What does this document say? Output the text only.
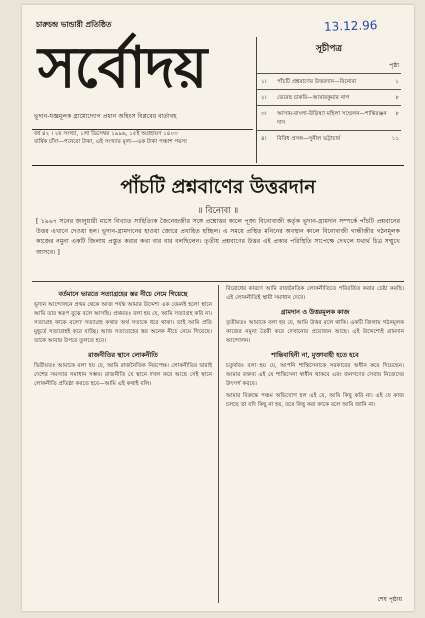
চারুচন্দ্র ভান্ডারী প্রতিষ্ঠিত	13.12.96
সর্বোদয়
ভূদান-যজ্ঞমূলক গ্রামোদ্যোগ প্রধান অহিংস বিপ্লবের বার্তাবহ
বর্ষ ৪২ । ২য় সংখ্যা, ১লা ডিসেম্বর ১৯৯৬, ১৫ই অগ্রহায়ণ ১৪০৩
বার্ষিক চাঁদা—পনেরো টাকা, এই সংখ্যার মূল্য—এক টাকা পঞ্চাশ পয়সা
সূচীপত্র
পৃষ্ঠা
১।	পাঁচটি প্রশ্নবাণের উত্তরদান—বিনোবা	১
২।	ভেবেছ চাকরি—আমারকুমার নাগ	৮
৩।	আসাম-বাংলা-উড়িষ্যা মহিলা সম্মেলন—শান্তিরঞ্জন দাস
৮
৪।	বিবিধ প্রসঙ্গ—সুনীল ভট্টাচার্য	১১
পাঁচটি প্রশ্নবাণের উত্তরদান
॥ বিনোবা ॥
[ ১৯৬৭ সনের জানুয়ারী মাসে বিখ্যাত সাহিত্যিক জৈনেন্দ্রজীর সঙ্গে প্রশ্নোত্তর কালে পূজ্য বিনোবাজী কর্তৃক ভূদান-গ্রামদান সম্পর্কে পাঁচটি প্রশ্নবানের উত্তর এখানে দেওয়া হল। ভূদান-গ্রামদানের হাওয়া জোরে প্রবাহিত হচ্ছিল। এ সময়ে প্রস্থিত মনিনের অবস্থান কালে বিনোবাজী গান্ধীজীর গঠনমূলক কাজের নমুনা একটি জিলায় প্রস্তুত করার কথা বার বার বলছিলেন। তৃতীয় প্রশ্নবাণের উত্তর এই প্রকার পরিস্থিতি সাপেক্ষে দেখলে যথার্থ চিত্র সম্মুখে আসবে। ]
বর্তমানে ভারতে সত্যাগ্রহের স্তর নীচে নেমে গিয়েছে

ভূদান আন্দোলনে প্রথম থেকে আজ পর্যন্ত আমার উদ্দেশ্য এক যেমনই হলো স্থানে আমি তার স্বরূপ বুঝে বলে আসছি। প্রথমতঃ বলা হয় যে, আমি সত্যাগ্রহ করি না। সত্যাগ্রহ কাকে বলে? সত্যাগ্রহ কথার অর্থ সত্যকে ধরে থাকা। তাই আমি প্রতি মুহূর্তে সত্যাগ্রহই করে যাচ্ছি। আজ সত্যাগ্রহের স্তর অনেক নীচে নেমে গিয়েছে। তাকে আবার উপরে তুলতে হবে।

রাজনীতির স্থানে লোকনীতি

দ্বিতীয়তঃ আমাকে বলা হয় যে, আমি রাজনৈতিক নিরপেক্ষ। লোকনীতির দ্বারাই দেশের সমস্যার সমাধান সম্ভব। রাজনীতি যে স্থানে দখল করে আছে সেই স্থানে লোকনীতি প্রতিষ্ঠা করতে হবে—আমি এই কথাই বলি।

বিরোধের কারণে আমি রাজনৈতিক লোকনীতিতে পরিবর্তিত করার চেষ্টা করছি। এই লোকনীতিই স্থায়ী সমাধান দেবে।

গ্রামদান ও উত্তরমূলক কাজ

তৃতীয়তঃ আমাকে বলা হয় যে, আমি উত্তর বলে থাকি। একটি জিলায় গঠনমূলক কাজের নমুনা তৈরী করে দেখানোর প্রয়োজন আছে। এই উদ্দেশ্যেই গ্রামদান আন্দোলন।

শান্তিবাহিনী না, মুক্তাবাহী হতে হবে

চতুর্থতঃ বলা হয় যে, আপনি শান্তিসেনাকে সরকারের অধীন করে দিয়েছেন। আমার বক্তব্য এই যে শান্তিসেনা স্বাধীন থাকবে এবং জনগণের সেবায় নিজেদের উৎসর্গ করবে।

আমার বিরুদ্ধে পঞ্চম অভিযোগ হল এই যে, আমি কিছু করি না। এই যে কাজ চলছে তা যদি কিছু না হয়, তবে কিছু করা কাকে বলে আমি জানি না।

শেষ পৃষ্ঠায়
